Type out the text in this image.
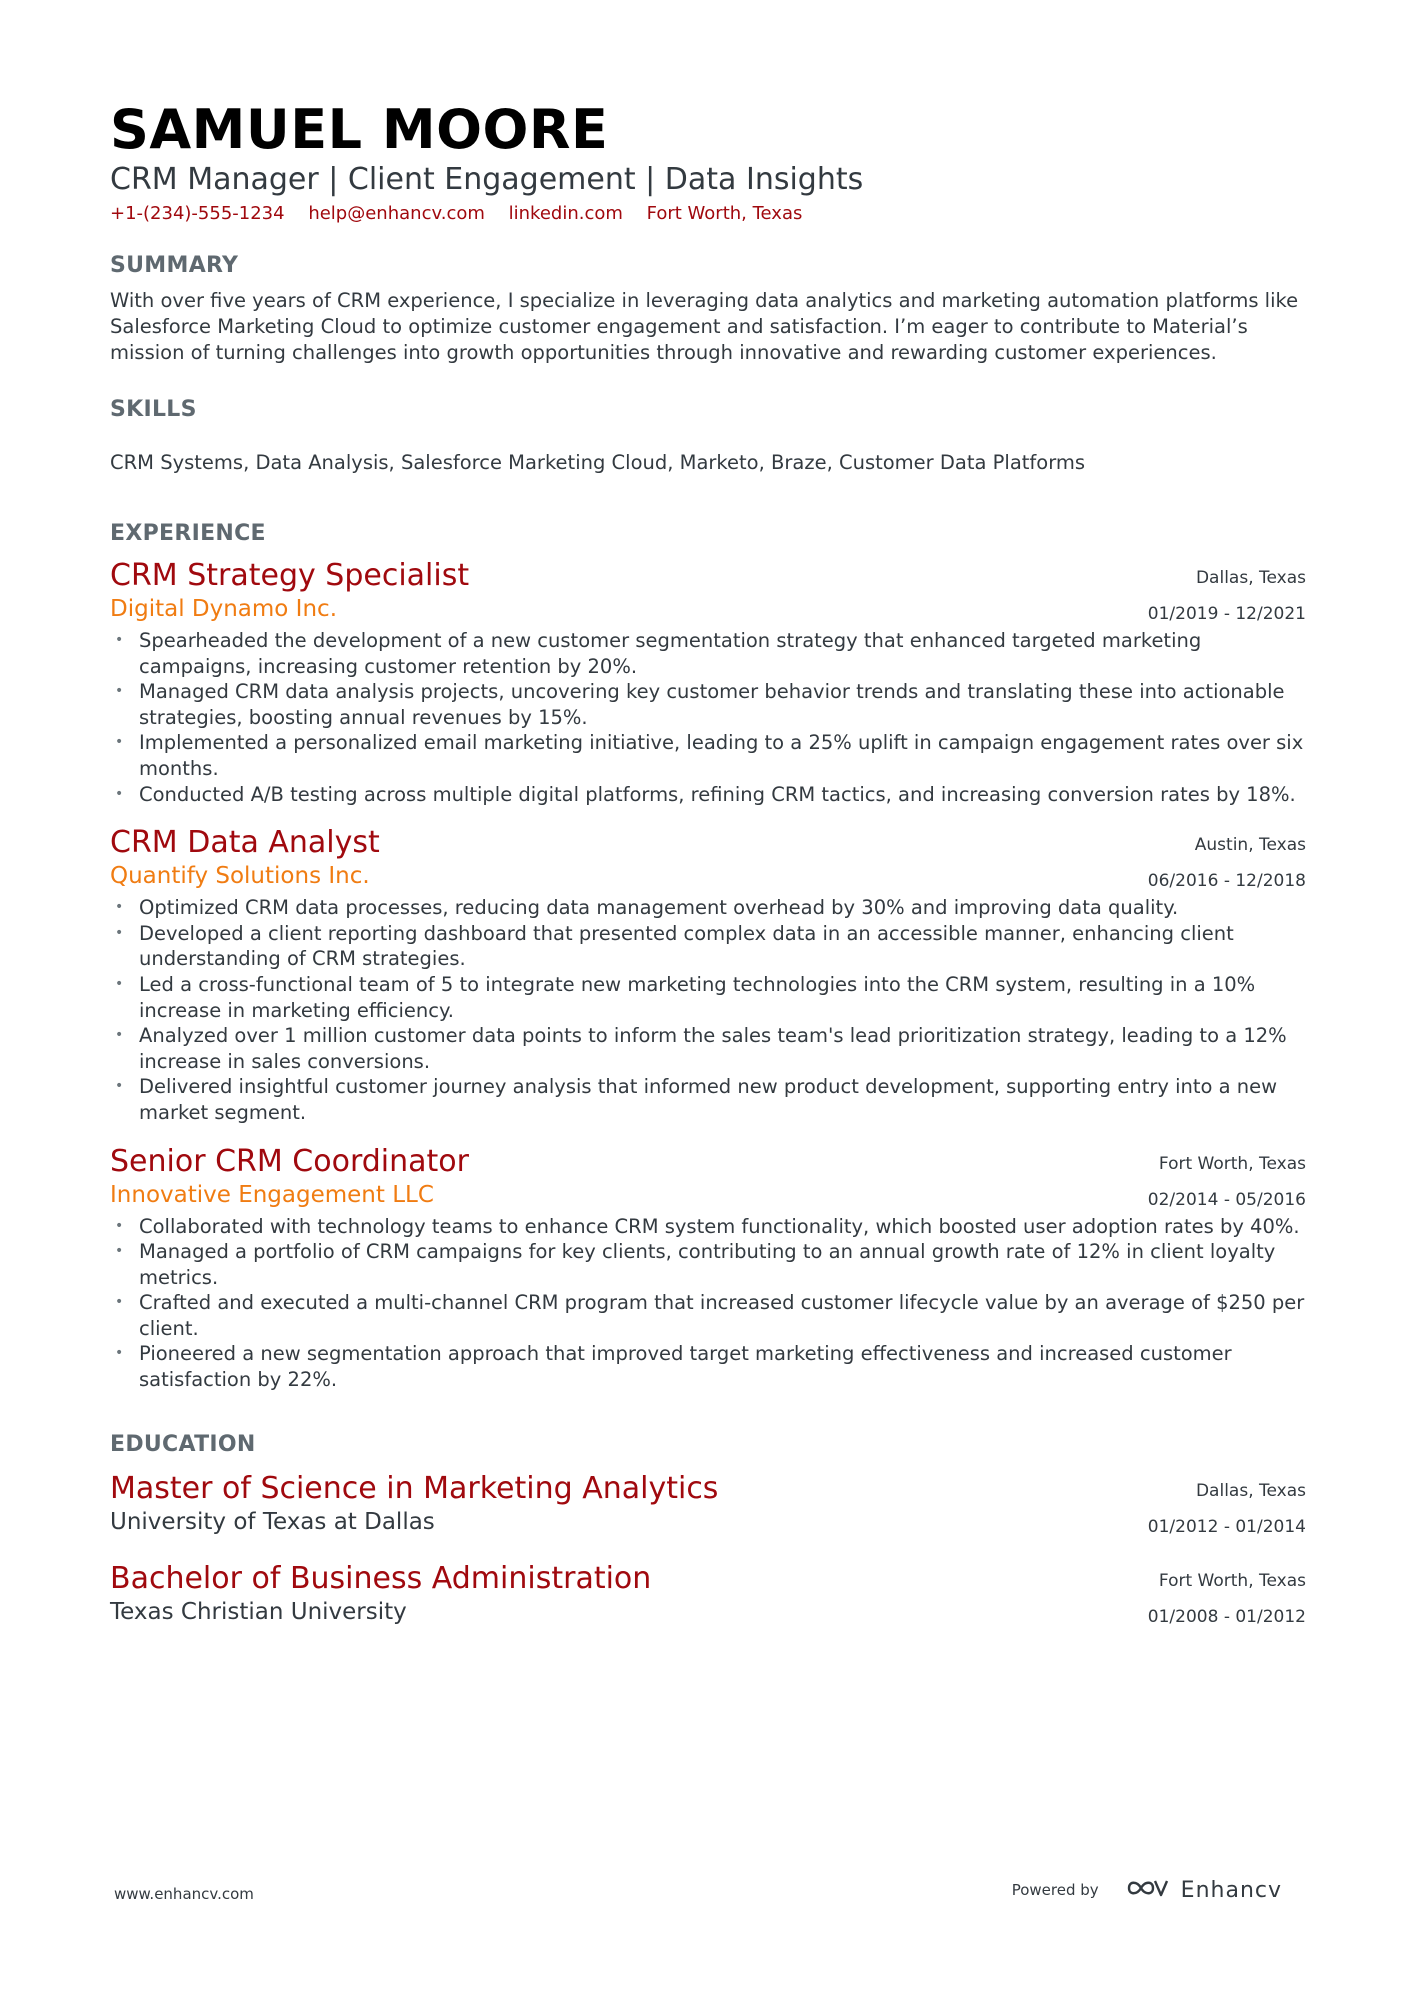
SAMUEL MOORE
CRM Manager | Client Engagement | Data Insights
+1-(234)-555-1234 help@enhancv.com linkedin.com Fort Worth, Texas
SUMMARY
With over five years of CRM experience, I specialize in leveraging data analytics and marketing automation platforms like Salesforce Marketing Cloud to optimize customer engagement and satisfaction. I’m eager to contribute to Material’s mission of turning challenges into growth opportunities through innovative and rewarding customer experiences.
SKILLS
CRM Systems, Data Analysis, Salesforce Marketing Cloud, Marketo, Braze, Customer Data Platforms
EXPERIENCE
CRM Strategy Specialist
Digital Dynamo Inc.
Dallas, Texas
01/2019 - 12/2021
• Spearheaded the development of a new customer segmentation strategy that enhanced targeted marketing campaigns, increasing customer retention by 20%.
• Managed CRM data analysis projects, uncovering key customer behavior trends and translating these into actionable strategies, boosting annual revenues by 15%.
• Implemented a personalized email marketing initiative, leading to a 25% uplift in campaign engagement rates over six months.
• Conducted A/B testing across multiple digital platforms, refining CRM tactics, and increasing conversion rates by 18%.
CRM Data Analyst
Quantify Solutions Inc.
Austin, Texas
06/2016 - 12/2018
• Optimized CRM data processes, reducing data management overhead by 30% and improving data quality.
• Developed a client reporting dashboard that presented complex data in an accessible manner, enhancing client understanding of CRM strategies.
• Led a cross-functional team of 5 to integrate new marketing technologies into the CRM system, resulting in a 10% increase in marketing efficiency.
• Analyzed over 1 million customer data points to inform the sales team's lead prioritization strategy, leading to a 12% increase in sales conversions.
• Delivered insightful customer journey analysis that informed new product development, supporting entry into a new market segment.
Senior CRM Coordinator
Innovative Engagement LLC
Fort Worth, Texas
02/2014 - 05/2016
• Collaborated with technology teams to enhance CRM system functionality, which boosted user adoption rates by 40%.
• Managed a portfolio of CRM campaigns for key clients, contributing to an annual growth rate of 12% in client loyalty metrics.
• Crafted and executed a multi-channel CRM program that increased customer lifecycle value by an average of $250 per client.
• Pioneered a new segmentation approach that improved target marketing effectiveness and increased customer satisfaction by 22%.
EDUCATION
Master of Science in Marketing Analytics
University of Texas at Dallas
Dallas, Texas
01/2012 - 01/2014
Bachelor of Business Administration
Texas Christian University
Fort Worth, Texas
01/2008 - 01/2012
www.enhancv.com	Powered by	Enhancv
